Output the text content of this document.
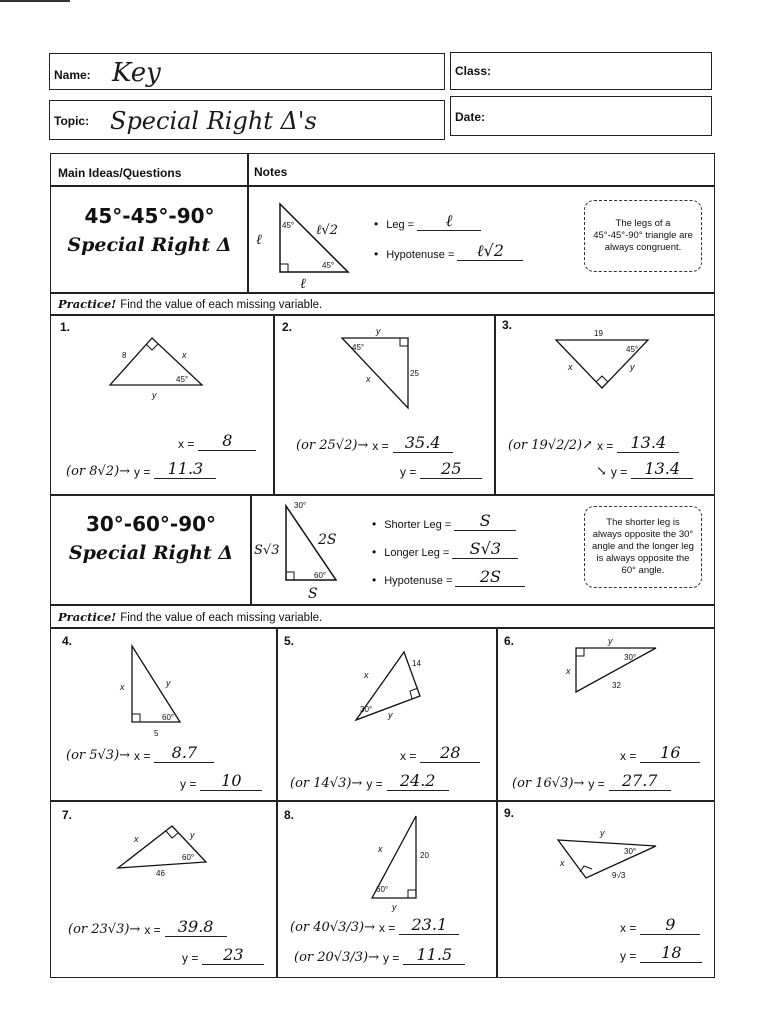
Name: Key	Class:
Topic: Special Right Δ's	Date:
Main Ideas/Questions	Notes
45°-45°-90°
Special Right Δ
45°
45°
ℓ
ℓ√2
ℓ
• Leg =	ℓ
• Hypotenuse =	ℓ√2
The legs of a 45°-45°-90° triangle are always congruent.
Practice! Find the value of each missing variable.
1.
8	x
y
45°
x =	8
(or 8√2)→ y =	11.3
2.	y
25
x
45°
(or 25√2)→ x =	35.4
y =	25
3.
19
x	y
45°
(or 19√2/2)↗ x =	13.4
↘ y =	13.4
30°-60°-90°
Special Right Δ
30°
60°
S√3
2S
S
• Shorter Leg =	S
• Longer Leg =	S√3
• Hypotenuse =	2S
The shorter leg is always opposite the 30° angle and the longer leg is always opposite the 60° angle.
Practice! Find the value of each missing variable.
4.
x	y
5
60°
(or 5√3)→ x =	8.7
y =	10
5.
x
14
y
30°
x =	28
(or 14√3)→ y =	24.2
6.	y
x
32
30°
x =	16
(or 16√3)→ y =	27.7
7.
x	y
46
60°
(or 23√3)→ x =	39.8
y =	23
8.
x
20
y
60°
(or 40√3/3)→ x =	23.1
(or 20√3/3)→ y =	11.5
9.
y
x
9√3
30°
x =	9
y =	18
